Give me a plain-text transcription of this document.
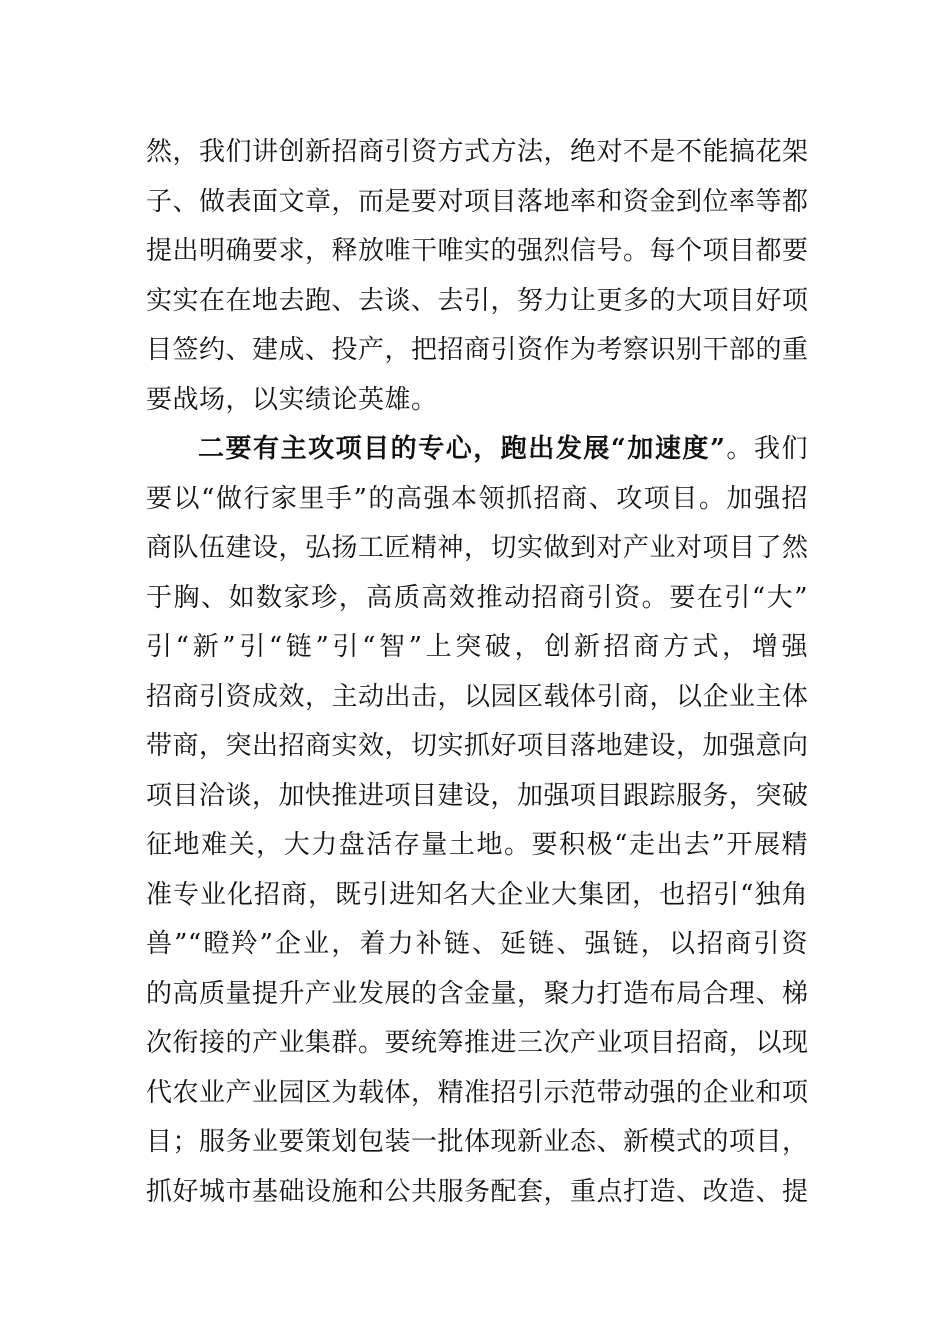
然，我们讲创新招商引资方式方法，绝对不是不能搞花架
子、做表面文章，而是要对项目落地率和资金到位率等都
提出明确要求，释放唯干唯实的强烈信号。每个项目都要
实实在在地去跑、去谈、去引，努力让更多的大项目好项
目签约、建成、投产，把招商引资作为考察识别干部的重
要战场，以实绩论英雄。
二要有主攻项目的专心，跑出发展“加速度”。我们
要以“做行家里手”的高强本领抓招商、攻项目。加强招
商队伍建设，弘扬工匠精神，切实做到对产业对项目了然
于胸、如数家珍，高质高效推动招商引资。要在引“大”
引“新”引“链”引“智”上突破，创新招商方式，增强
招商引资成效，主动出击，以园区载体引商，以企业主体
带商，突出招商实效，切实抓好项目落地建设，加强意向
项目洽谈，加快推进项目建设，加强项目跟踪服务，突破
征地难关，大力盘活存量土地。要积极“走出去”开展精
准专业化招商，既引进知名大企业大集团，也招引“独角
兽”“瞪羚”企业，着力补链、延链、强链，以招商引资
的高质量提升产业发展的含金量，聚力打造布局合理、梯
次衔接的产业集群。要统筹推进三次产业项目招商，以现
代农业产业园区为载体，精准招引示范带动强的企业和项
目；服务业要策划包装一批体现新业态、新模式的项目，
抓好城市基础设施和公共服务配套，重点打造、改造、提
